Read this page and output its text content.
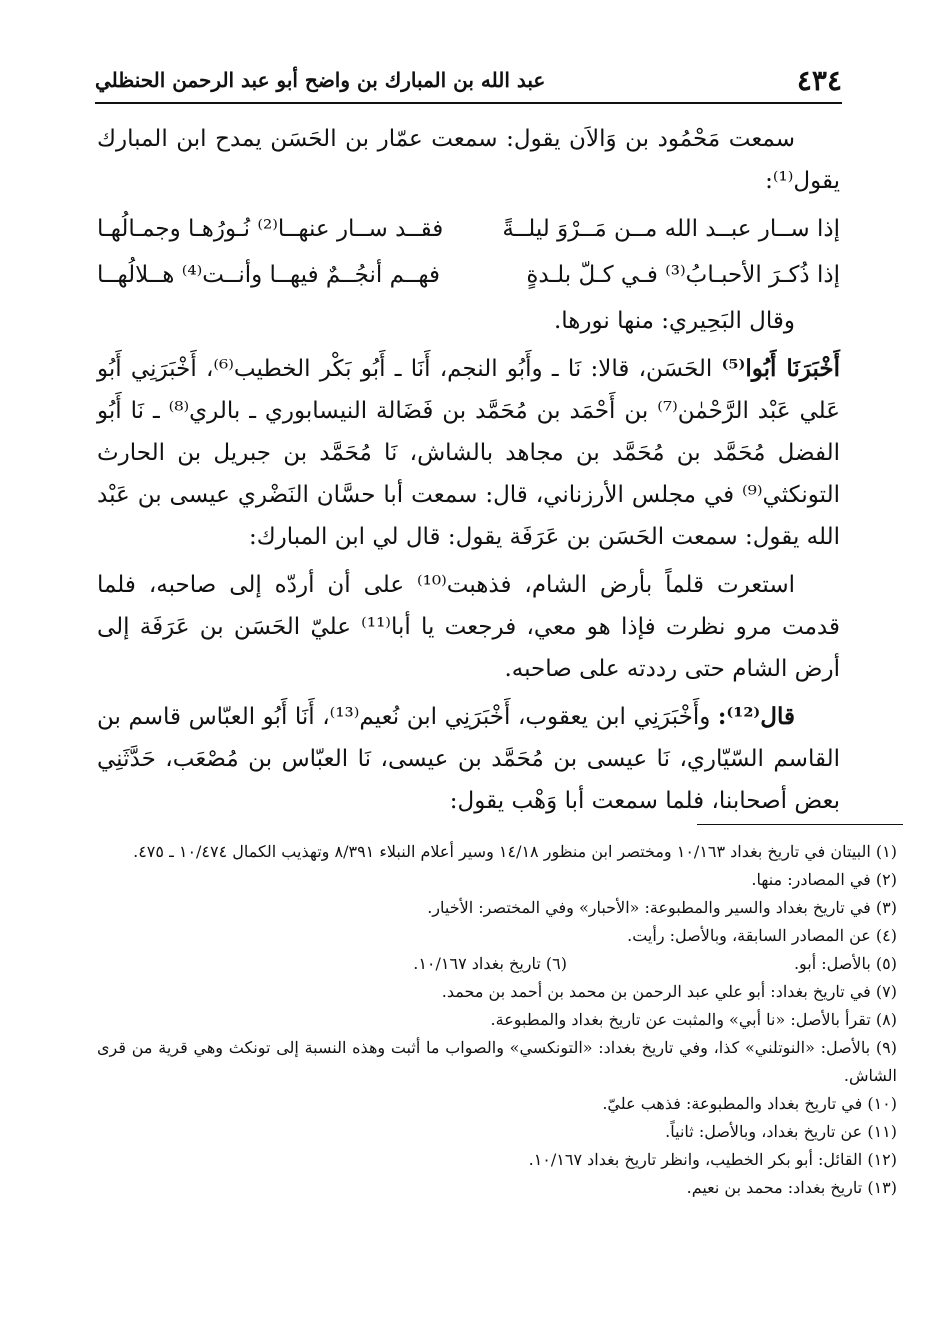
٤٣٤
عبد الله بن المبارك بن واضح أبو عبد الرحمن الحنظلي

سمعت مَحْمُود بن وَالاَن يقول: سمعت عمّار بن الحَسَن يمدح ابن المبارك يقول⁽¹⁾:

إذا ســار عبــد الله مــن مَــرْوَ ليلــةً
فقــد ســار عنهــا⁽²⁾ نُـورُهـا وجمـالُهـا
إذا ذُكـرَ الأحبـابُ⁽³⁾ فـي كـلّ بلـدةٍ
فهــم أنجُــمٌ فيهــا وأنــت⁽⁴⁾ هــلالُهــا

وقال البَحِيري: منها نورها.

أَخْبَرَنَا أَبُوا⁽⁵⁾ الحَسَن، قالا: نَا ـ وأَبُو النجم، أَنَا ـ أَبُو بَكْر الخطيب⁽⁶⁾، أَخْبَرَنِي أَبُو عَلي عَبْد الرَّحْمٰن⁽⁷⁾ بن أَحْمَد بن مُحَمَّد بن فَضَالة النيسابوري ـ بالري⁽⁸⁾ ـ نَا أَبُو الفضل مُحَمَّد بن مُحَمَّد بن مجاهد بالشاش، نَا مُحَمَّد بن جبريل بن الحارث التونكثي⁽⁹⁾ في مجلس الأرزناني، قال: سمعت أبا حسَّان النَضْري عيسى بن عَبْد الله يقول: سمعت الحَسَن بن عَرَفَة يقول: قال لي ابن المبارك:

استعرت قلماً بأرض الشام، فذهبت⁽¹⁰⁾ على أن أردّه إلى صاحبه، فلما قدمت مرو نظرت فإذا هو معي، فرجعت يا أبا⁽¹¹⁾ عليّ الحَسَن بن عَرَفَة إلى أرض الشام حتى رددته على صاحبه.

قال⁽¹²⁾: وأَخْبَرَنِي ابن يعقوب، أَخْبَرَنِي ابن نُعيم⁽¹³⁾، أَنَا أَبُو العبّاس قاسم بن القاسم السّيّاري، نَا عيسى بن مُحَمَّد بن عيسى، نَا العبّاس بن مُصْعَب، حَدَّثَنِي بعض أصحابنا، فلما سمعت أبا وَهْب يقول:

(١) البيتان في تاريخ بغداد ١٠/١٦٣ ومختصر ابن منظور ١٤/١٨ وسير أعلام النبلاء ٨/٣٩١ وتهذيب الكمال ١٠/٤٧٤ ـ ٤٧٥.

(٢) في المصادر: منها.

(٣) في تاريخ بغداد والسير والمطبوعة: «الأحبار» وفي المختصر: الأخيار.

(٤) عن المصادر السابقة، وبالأصل: رأيت.

(٥) بالأصل: أبو.

(٦) تاريخ بغداد ١٠/١٦٧.

(٧) في تاريخ بغداد: أبو علي عبد الرحمن بن محمد بن أحمد بن محمد.

(٨) تقرأ بالأصل: «نا أبي» والمثبت عن تاريخ بغداد والمطبوعة.

(٩) بالأصل: «النوتلني» كذا، وفي تاريخ بغداد: «التونكسي» والصواب ما أثبت وهذه النسبة إلى تونكث وهي قرية من قرى الشاش.

(١٠) في تاريخ بغداد والمطبوعة: فذهب عليّ.

(١١) عن تاريخ بغداد، وبالأصل: ثانياً.

(١٢) القائل: أبو بكر الخطيب، وانظر تاريخ بغداد ١٠/١٦٧.

(١٣) تاريخ بغداد: محمد بن نعيم.
